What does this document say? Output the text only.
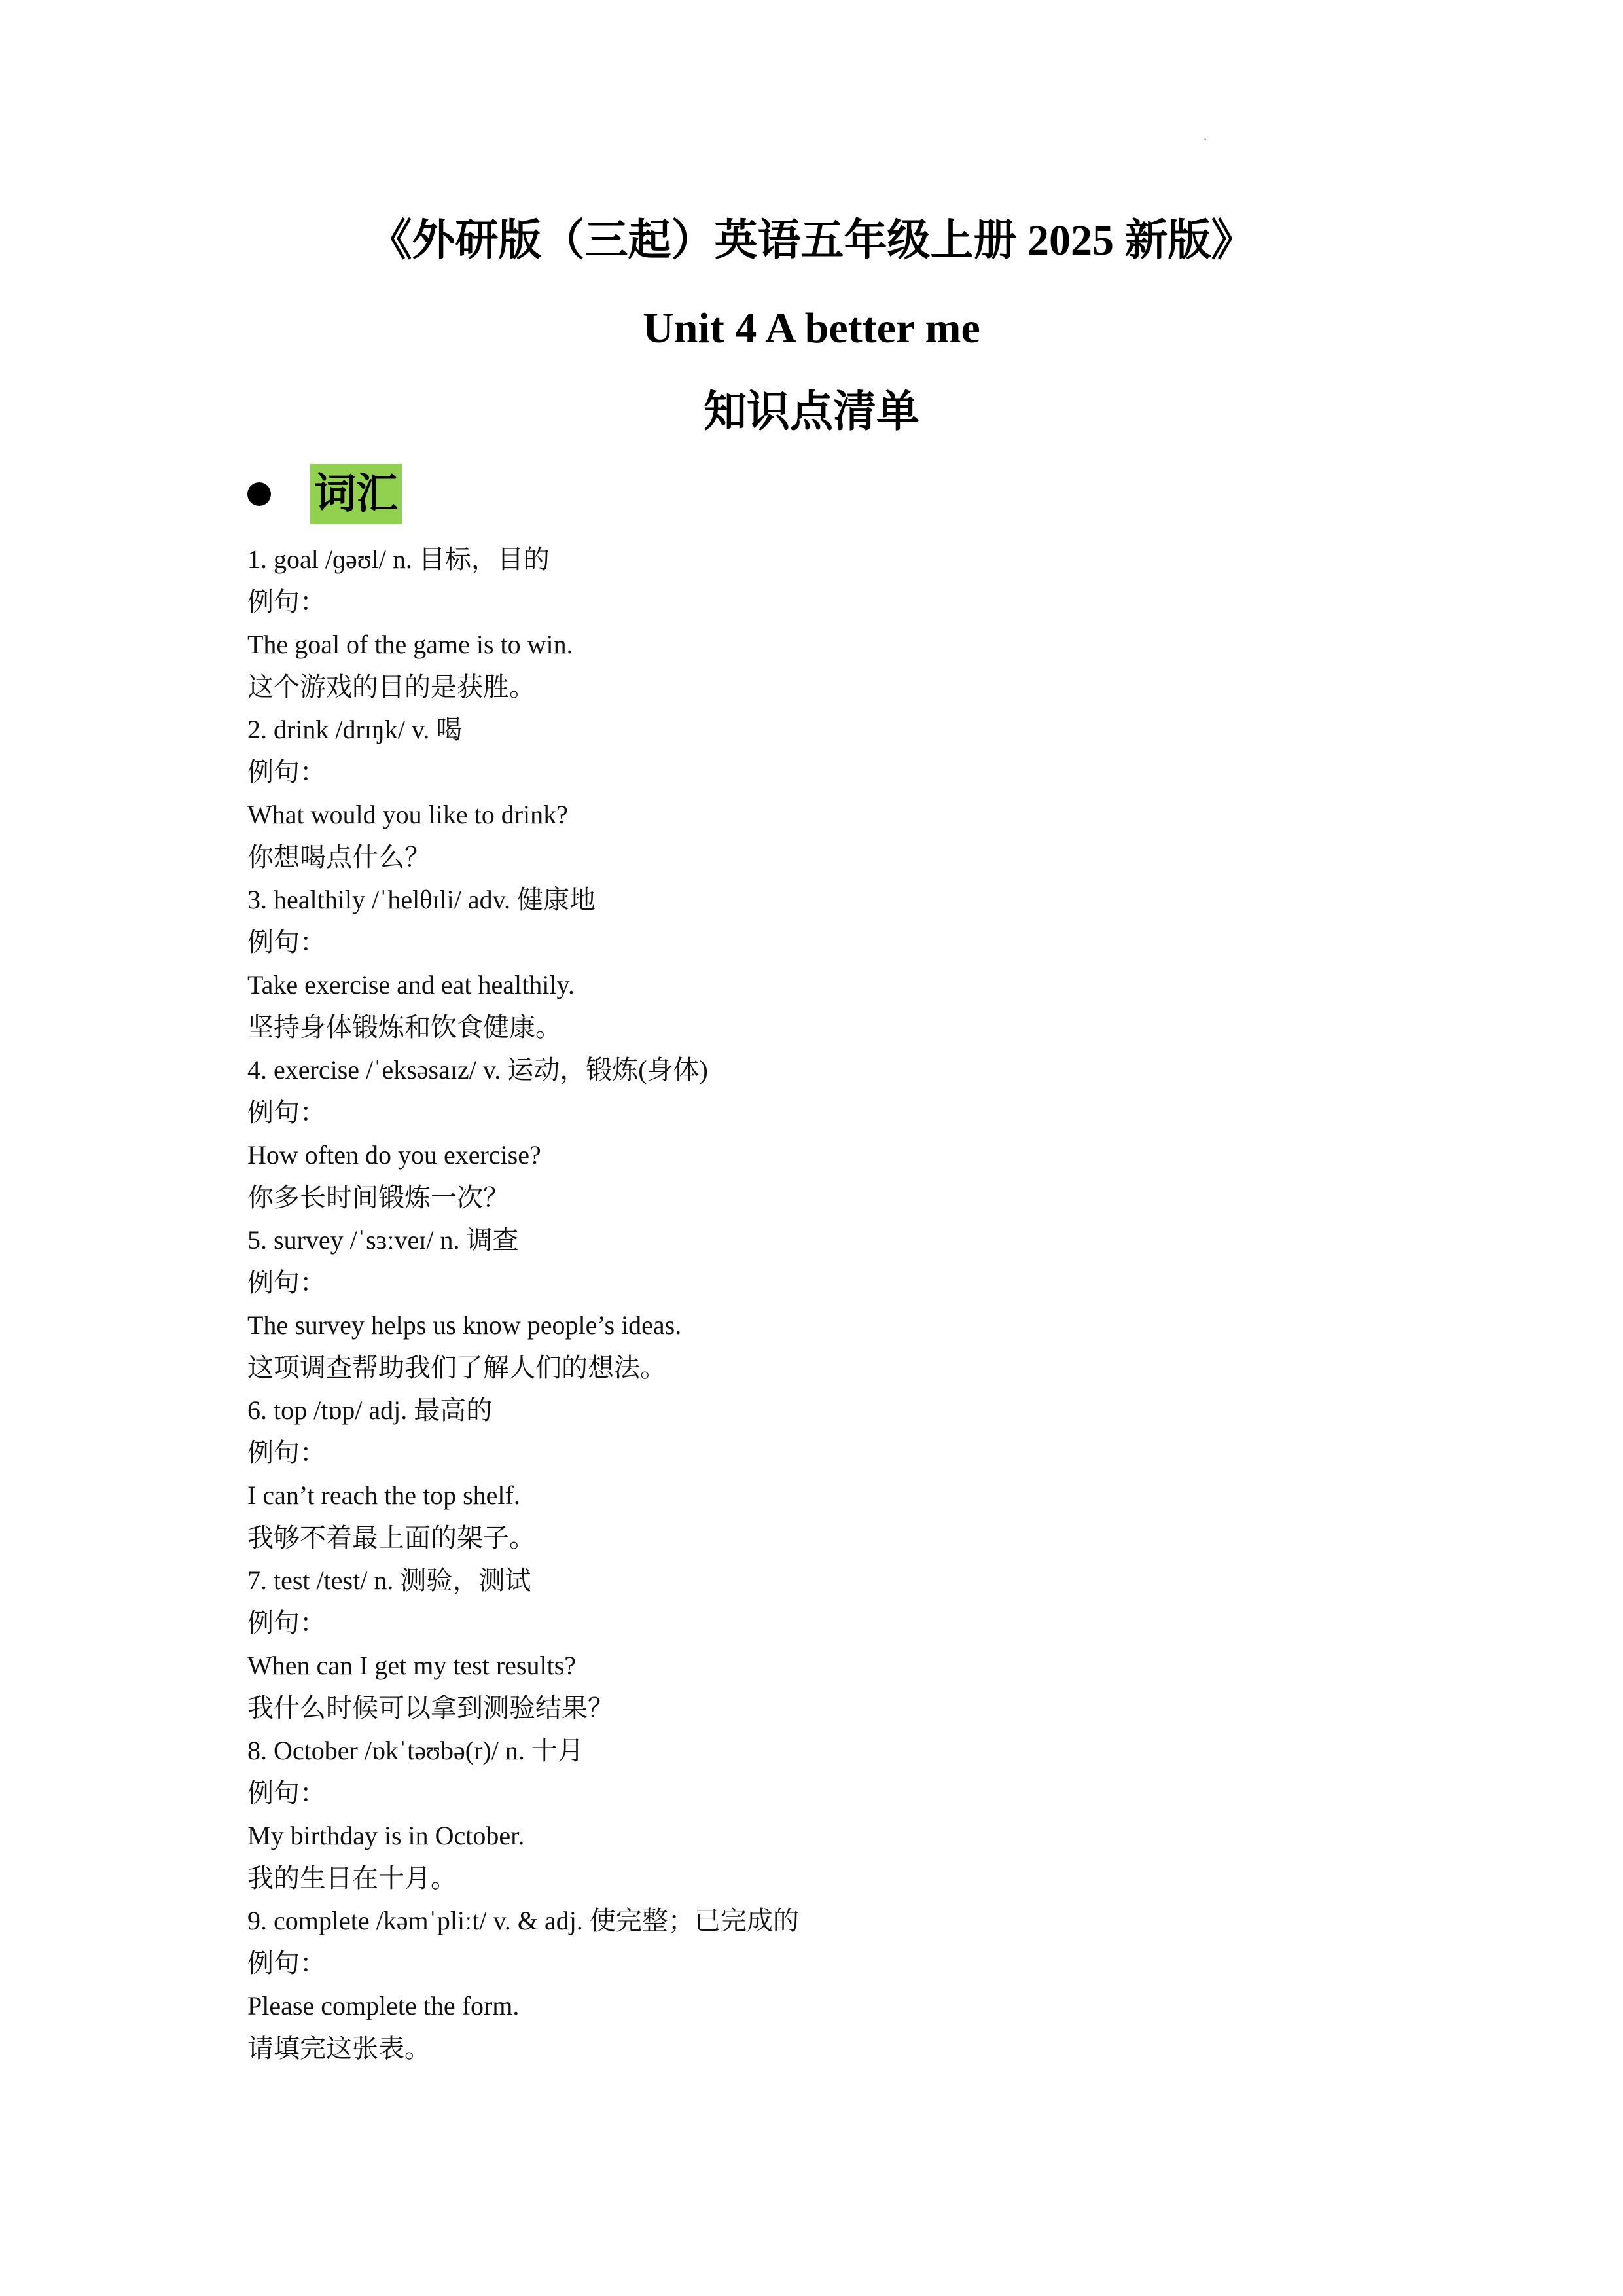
·
《外研版（三起）英语五年级上册 2025 新版》
Unit 4 A better me
知识点清单
词汇
1. goal /ɡəʊl/ n. 目标，目的
例句：
The goal of the game is to win.
这个游戏的目的是获胜。
2. drink /drɪŋk/ v. 喝
例句：
What would you like to drink?
你想喝点什么？
3. healthily /ˈhelθɪli/ adv. 健康地
例句：
Take exercise and eat healthily.
坚持身体锻炼和饮食健康。
4. exercise /ˈeksəsaɪz/ v. 运动，锻炼(身体)
例句：
How often do you exercise?
你多长时间锻炼一次？
5. survey /ˈsɜːveɪ/ n. 调查
例句：
The survey helps us know people’s ideas.
这项调查帮助我们了解人们的想法。
6. top /tɒp/ adj. 最高的
例句：
I can’t reach the top shelf.
我够不着最上面的架子。
7. test /test/ n. 测验，测试
例句：
When can I get my test results?
我什么时候可以拿到测验结果？
8. October /ɒkˈtəʊbə(r)/ n. 十月
例句：
My birthday is in October.
我的生日在十月。
9. complete /kəmˈpliːt/ v. & adj. 使完整；已完成的
例句：
Please complete the form.
请填完这张表。
